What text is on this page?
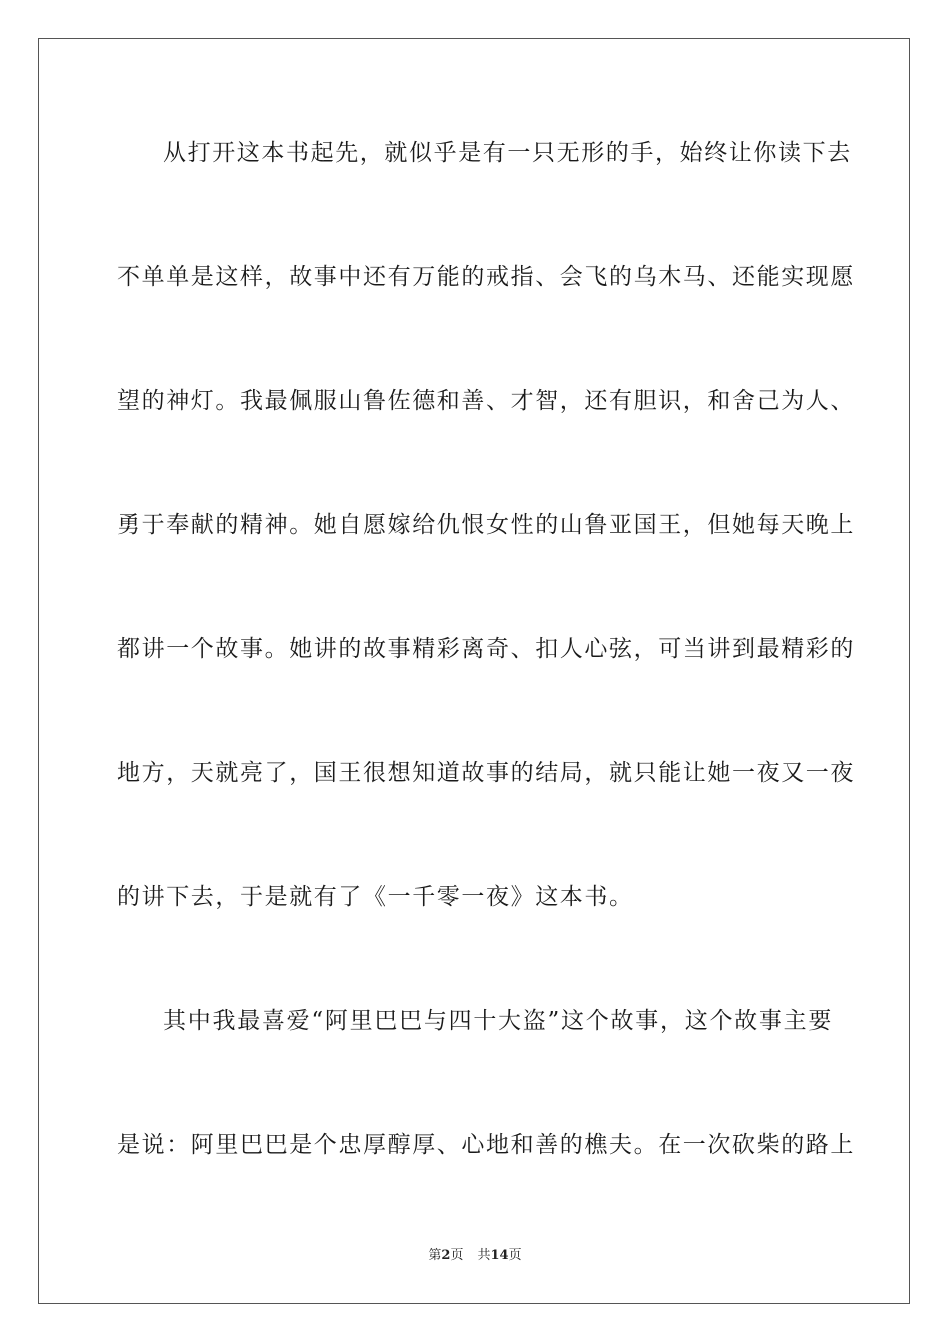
从打开这本书起先，就似乎是有一只无形的手，始终让你读下去
不单单是这样，故事中还有万能的戒指、会飞的乌木马、还能实现愿
望的神灯。我最佩服山鲁佐德和善、才智，还有胆识，和舍己为人、
勇于奉献的精神。她自愿嫁给仇恨女性的山鲁亚国王，但她每天晚上
都讲一个故事。她讲的故事精彩离奇、扣人心弦，可当讲到最精彩的
地方，天就亮了，国王很想知道故事的结局，就只能让她一夜又一夜
的讲下去，于是就有了《一千零一夜》这本书。
其中我最喜爱“阿里巴巴与四十大盗”这个故事，这个故事主要
是说：阿里巴巴是个忠厚醇厚、心地和善的樵夫。在一次砍柴的路上
第2页 共14页
